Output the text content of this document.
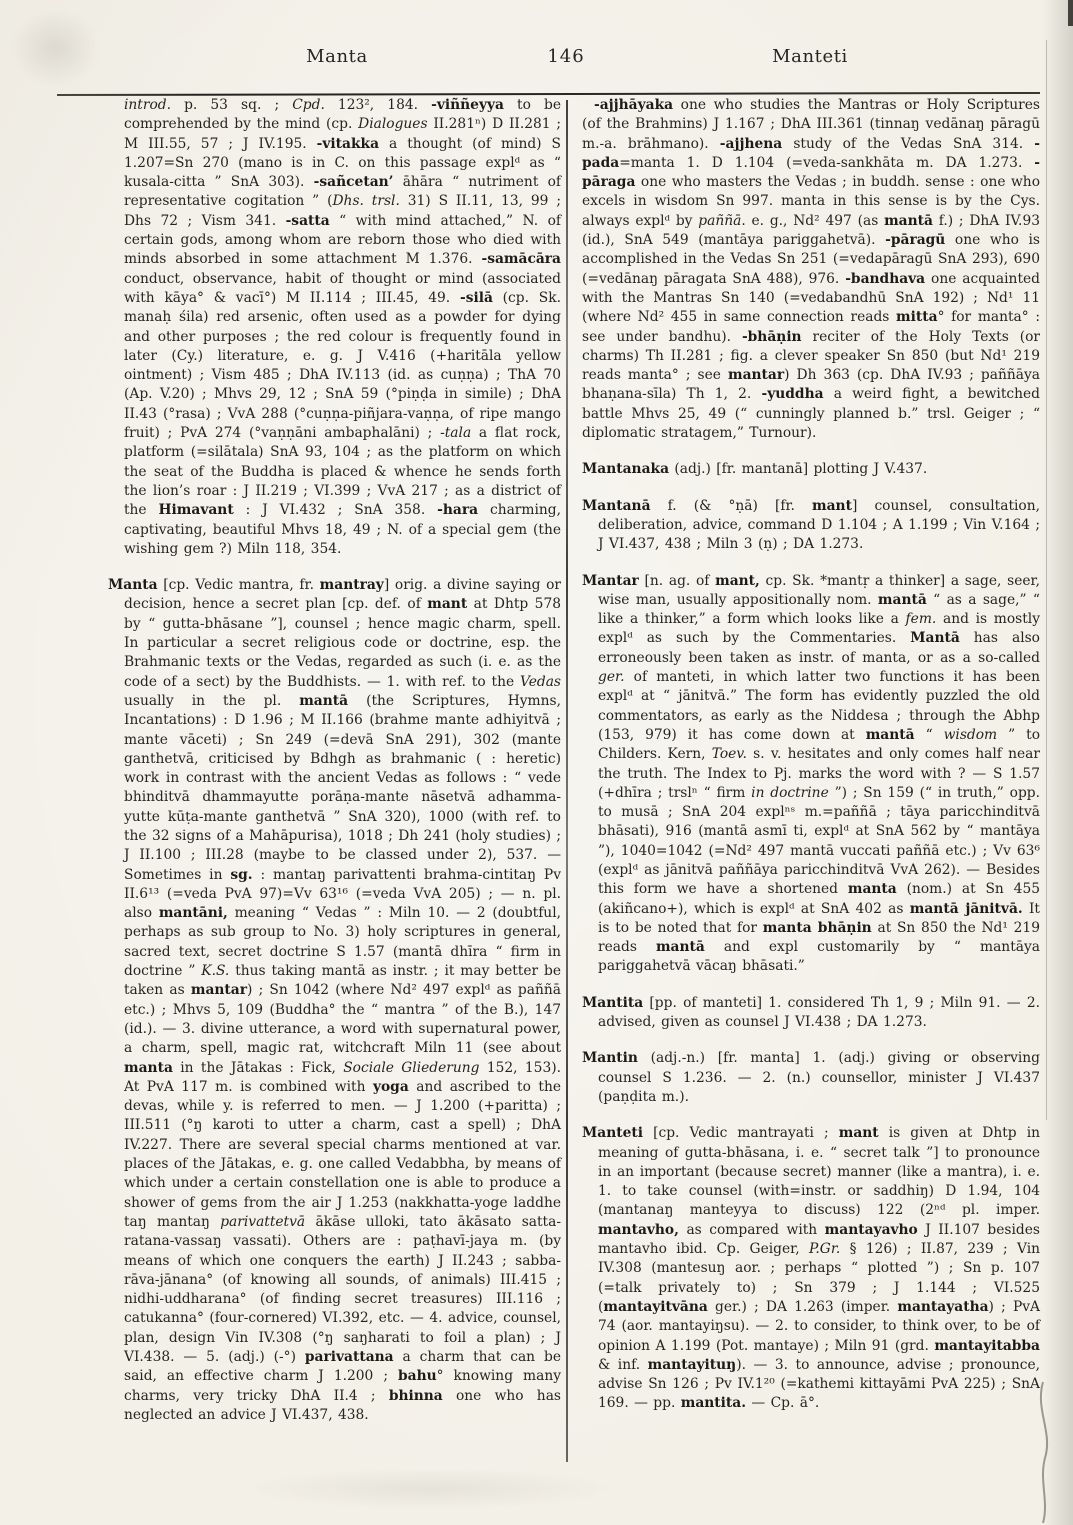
Manta	146	Manteti

introd. p. 53 sq. ; Cpd. 123², 184. -viññeyya to be comprehended by the mind (cp. Dialogues II.281ⁿ) D II.281 ; M III.55, 57 ; J IV.195. -vitakka a thought (of mind) S 1.207=Sn 270 (mano is in C. on this passage explᵈ as “ kusala-citta ” SnA 303). -sañcetan’ āhāra “ nutriment of representative cogitation ” (Dhs. trsl. 31) S II.11, 13, 99 ; Dhs 72 ; Vism 341. -satta “ with mind attached,” N. of certain gods, among whom are reborn those who died with minds absorbed in some attachment M 1.376. -samācāra conduct, observance, habit of thought or mind (associated with kāya° & vacī°) M II.114 ; III.45, 49. -silā (cp. Sk. manaḥ śila) red arsenic, often used as a powder for dying and other purposes ; the red colour is frequently found in later (Cy.) literature, e. g. J V.416 (+haritāla yellow ointment) ; Vism 485 ; DhA IV.113 (id. as cuṇṇa) ; ThA 70 (Ap. V.20) ; Mhvs 29, 12 ; SnA 59 (°piṇḍa in simile) ; DhA II.43 (°rasa) ; VvA 288 (°cuṇṇa-piñjara-vaṇṇa, of ripe mango fruit) ; PvA 274 (°vaṇṇāni ambaphalāni) ; -tala a flat rock, platform (=silātala) SnA 93, 104 ; as the platform on which the seat of the Buddha is placed & whence he sends forth the lion’s roar : J II.219 ; VI.399 ; VvA 217 ; as a district of the Himavant : J VI.432 ; SnA 358. -hara charming, captivating, beautiful Mhvs 18, 49 ; N. of a special gem (the wishing gem ?) Miln 118, 354.

Manta [cp. Vedic mantra, fr. mantray] orig. a divine saying or decision, hence a secret plan [cp. def. of mant at Dhtp 578 by “ gutta-bhāsane ”], counsel ; hence magic charm, spell. In particular a secret religious code or doctrine, esp. the Brahmanic texts or the Vedas, regarded as such (i. e. as the code of a sect) by the Buddhists. — 1. with ref. to the Vedas usually in the pl. mantā (the Scriptures, Hymns, Incantations) : D 1.96 ; M II.166 (brahme mante adhiyitvā ; mante vāceti) ; Sn 249 (=devā SnA 291), 302 (mante ganthetvā, criticised by Bdhgh as brahmanic ( : heretic) work in contrast with the ancient Vedas as follows : “ vede bhinditvā dhammayutte porāṇa-mante nāsetvā adhamma-yutte kūṭa-mante ganthetvā ” SnA 320), 1000 (with ref. to the 32 signs of a Mahāpurisa), 1018 ; Dh 241 (holy studies) ; J II.100 ; III.28 (maybe to be classed under 2), 537. — Sometimes in sg. : mantaŋ parivattenti brahma-cintitaŋ Pv II.6¹³ (=veda PvA 97)=Vv 63¹⁶ (=veda VvA 205) ; — n. pl. also mantāni, meaning “ Vedas ” : Miln 10. — 2 (doubtful, perhaps as sub group to No. 3) holy scriptures in general, sacred text, secret doctrine S 1.57 (mantā dhīra “ firm in doctrine ” K.S. thus taking mantā as instr. ; it may better be taken as mantar) ; Sn 1042 (where Nd² 497 explᵈ as paññā etc.) ; Mhvs 5, 109 (Buddha° the “ mantra ” of the B.), 147 (id.). — 3. divine utterance, a word with supernatural power, a charm, spell, magic rat, witchcraft Miln 11 (see about manta in the Jātakas : Fick, Sociale Gliederung 152, 153). At PvA 117 m. is combined with yoga and ascribed to the devas, while y. is referred to men. — J 1.200 (+paritta) ; III.511 (°ŋ karoti to utter a charm, cast a spell) ; DhA IV.227. There are several special charms mentioned at var. places of the Jātakas, e. g. one called Vedabbha, by means of which under a certain constellation one is able to produce a shower of gems from the air J 1.253 (nakkhatta-yoge laddhe taŋ mantaŋ parivattetvā ākāse ulloki, tato ākāsato satta-ratana-vassaŋ vassati). Others are : paṭhavī-jaya m. (by means of which one conquers the earth) J II.243 ; sabba-rāva-jānana° (of knowing all sounds, of animals) III.415 ; nidhi-uddharana° (of finding secret treasures) III.116 ; catukanna° (four-cornered) VI.392, etc. — 4. advice, counsel, plan, design Vin IV.308 (°ŋ saŋharati to foil a plan) ; J VI.438. — 5. (adj.) (-°) parivattana a charm that can be said, an effective charm J 1.200 ; bahu° knowing many charms, very tricky DhA II.4 ; bhinna one who has neglected an advice J VI.437, 438.

-ajjhāyaka one who studies the Mantras or Holy Scriptures (of the Brahmins) J 1.167 ; DhA III.361 (tinnaŋ vedānaŋ pāragū m.-a. brāhmano). -ajjhena study of the Vedas SnA 314. -pada=manta 1. D 1.104 (=veda-sankhāta m. DA 1.273. -pāraga one who masters the Vedas ; in buddh. sense : one who excels in wisdom Sn 997. manta in this sense is by the Cys. always explᵈ by paññā. e. g., Nd² 497 (as mantā f.) ; DhA IV.93 (id.), SnA 549 (mantāya pariggahetvā). -pāragū one who is accomplished in the Vedas Sn 251 (=vedapāragū SnA 293), 690 (=vedānaŋ pāragata SnA 488), 976. -bandhava one acquainted with the Mantras Sn 140 (=vedabandhū SnA 192) ; Nd¹ 11 (where Nd² 455 in same connection reads mitta° for manta° : see under bandhu). -bhāṇin reciter of the Holy Texts (or charms) Th II.281 ; fig. a clever speaker Sn 850 (but Nd¹ 219 reads manta° ; see mantar) Dh 363 (cp. DhA IV.93 ; paññāya bhaṇana-sīla) Th 1, 2. -yuddha a weird fight, a bewitched battle Mhvs 25, 49 (“ cunningly planned b.” trsl. Geiger ; “ diplomatic stratagem,” Turnour).

Mantanaka (adj.) [fr. mantanā] plotting J V.437.

Mantanā f. (& °ṇā) [fr. mant] counsel, consultation, deliberation, advice, command D 1.104 ; A 1.199 ; Vin V.164 ; J VI.437, 438 ; Miln 3 (ṇ) ; DA 1.273.

Mantar [n. ag. of mant, cp. Sk. *mantṛ a thinker] a sage, seer, wise man, usually appositionally nom. mantā “ as a sage,” “ like a thinker,” a form which looks like a fem. and is mostly explᵈ as such by the Commentaries. Mantā has also erroneously been taken as instr. of manta, or as a so-called ger. of manteti, in which latter two functions it has been explᵈ at “ jānitvā.” The form has evidently puzzled the old commentators, as early as the Niddesa ; through the Abhp (153, 979) it has come down at mantā “ wisdom ” to Childers. Kern, Toev. s. v. hesitates and only comes half near the truth. The Index to Pj. marks the word with ? — S 1.57 (+dhīra ; trslⁿ “ firm in doctrine ”) ; Sn 159 (“ in truth,” opp. to musā ; SnA 204 explⁿˢ m.=paññā ; tāya paricchinditvā bhāsati), 916 (mantā asmī ti, explᵈ at SnA 562 by “ mantāya ”), 1040=1042 (=Nd² 497 mantā vuccati paññā etc.) ; Vv 63⁶ (explᵈ as jānitvā paññāya paricchinditvā VvA 262). — Besides this form we have a shortened manta (nom.) at Sn 455 (akiñcano+), which is explᵈ at SnA 402 as mantā jānitvā. It is to be noted that for manta bhāṇin at Sn 850 the Nd¹ 219 reads mantā and expl customarily by “ mantāya pariggahetvā vācaŋ bhāsati.”

Mantita [pp. of manteti] 1. considered Th 1, 9 ; Miln 91. — 2. advised, given as counsel J VI.438 ; DA 1.273.

Mantin (adj.-n.) [fr. manta] 1. (adj.) giving or observing counsel S 1.236. — 2. (n.) counsellor, minister J VI.437 (paṇḍita m.).

Manteti [cp. Vedic mantrayati ; mant is given at Dhtp in meaning of gutta-bhāsana, i. e. “ secret talk ”] to pronounce in an important (because secret) manner (like a mantra), i. e. 1. to take counsel (with=instr. or saddhiŋ) D 1.94, 104 (mantanaŋ manteyya to discuss) 122 (2ⁿᵈ pl. imper. mantavho, as compared with mantayavho J II.107 besides mantavho ibid. Cp. Geiger, P.Gr. § 126) ; II.87, 239 ; Vin IV.308 (mantesuŋ aor. ; perhaps “ plotted ”) ; Sn p. 107 (=talk privately to) ; Sn 379 ; J 1.144 ; VI.525 (mantayitvāna ger.) ; DA 1.263 (imper. mantayatha) ; PvA 74 (aor. mantayiŋsu). — 2. to consider, to think over, to be of opinion A 1.199 (Pot. mantaye) ; Miln 91 (grd. mantayitabba & inf. mantayituŋ). — 3. to announce, advise ; pronounce, advise Sn 126 ; Pv IV.1²⁰ (=kathemi kittayāmi PvA 225) ; SnA 169. — pp. mantita. — Cp. ā°.
